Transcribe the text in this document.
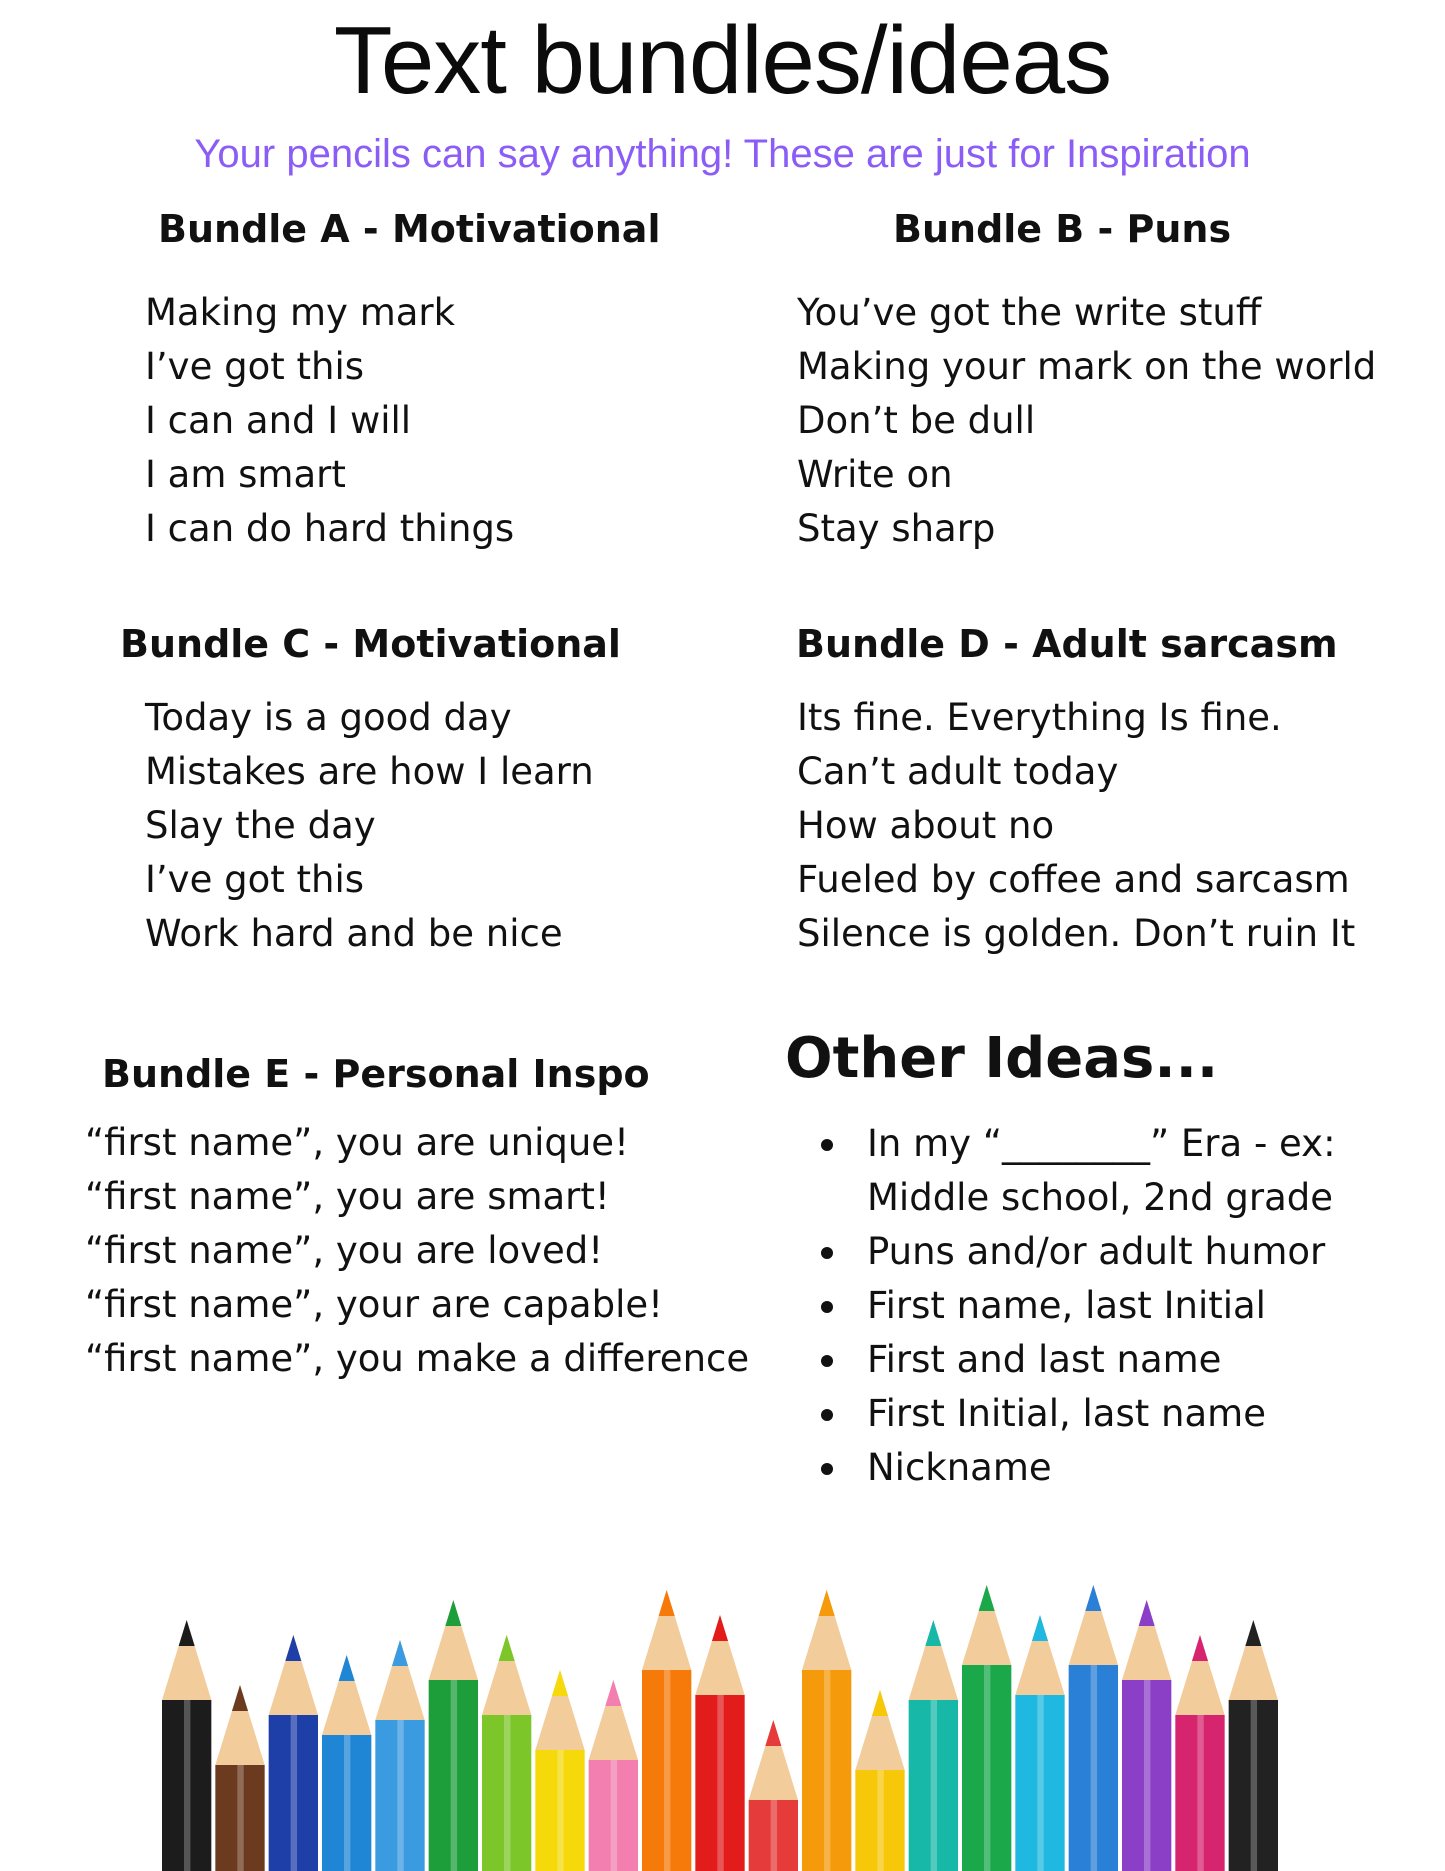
Text bundles/ideas
Your pencils can say anything! These are just for Inspiration
Bundle A - Motivational
Making my mark
I’ve got this
I can and I will
I am smart
I can do hard things
Bundle B - Puns
You’ve got the write stuff
Making your mark on the world
Don’t be dull
Write on
Stay sharp
Bundle C - Motivational
Today is a good day
Mistakes are how I learn
Slay the day
I’ve got this
Work hard and be nice
Bundle D - Adult sarcasm
Its fine. Everything Is fine.
Can’t adult today
How about no
Fueled by coffee and sarcasm
Silence is golden. Don’t ruin It
Bundle E - Personal Inspo
“first name”, you are unique!
“first name”, you are smart!
“first name”, you are loved!
“first name”, your are capable!
“first name”, you make a difference
Other Ideas...
In my “________” Era - ex:
Middle school, 2nd grade
Puns and/or adult humor
First name, last Initial
First and last name
First Initial, last name
Nickname
